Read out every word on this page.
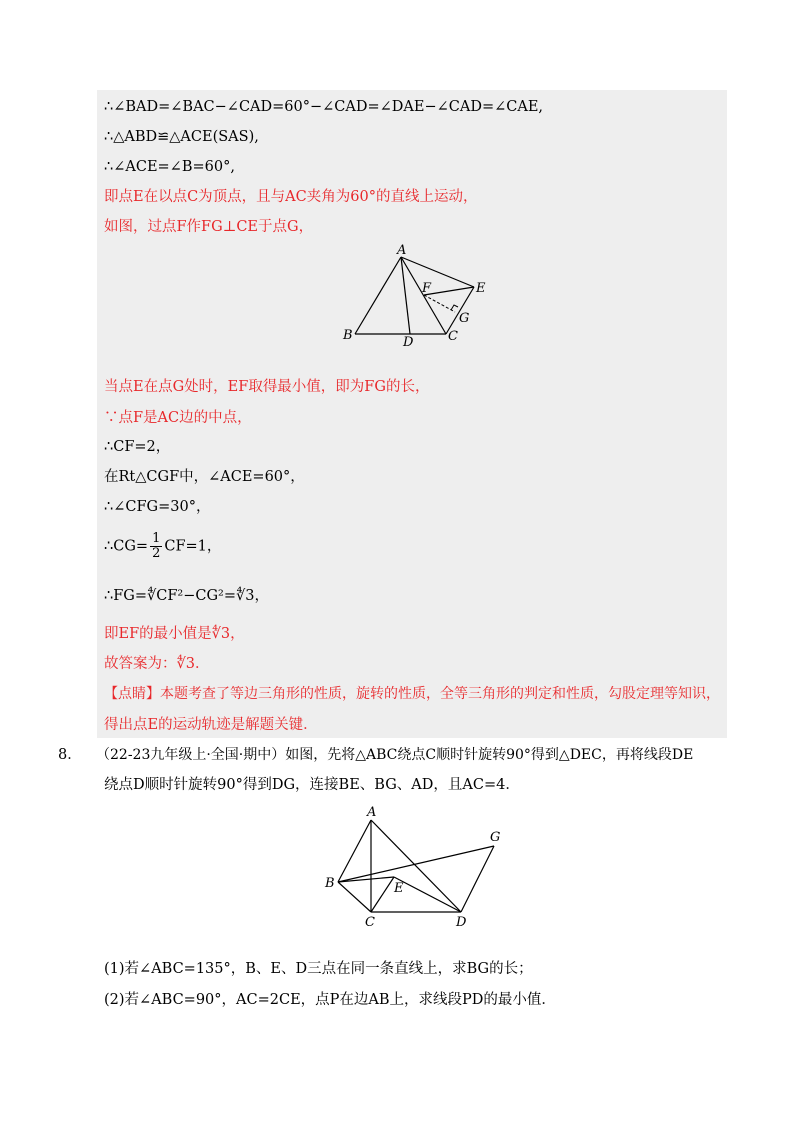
∴∠BAD=∠BAC−∠CAD=60°−∠CAD=∠DAE−∠CAD=∠CAE,
∴△ABD≌△ACE(SAS),
∴∠ACE=∠B=60°,
即点E在以点C为顶点，且与AC夹角为60°的直线上运动，
如图，过点F作FG⊥CE于点G，
A
B	C
D
E
F
G
当点E在点G处时，EF取得最小值，即为FG的长，
∵点F是AC边的中点，
∴CF=2，
在Rt△CGF中，∠ACE=60°，
∴∠CFG=30°，
∴CG= $\frac{1}{2} CF=1$，
∴FG=∜CF²−CG²=∜3，
即EF的最小值是∜3，
故答案为：∜3．
【点睛】本题考查了等边三角形的性质，旋转的性质，全等三角形的判定和性质，勾股定理等知识，
得出点E的运动轨迹是解题关键．
8． （22-23九年级上·全国·期中）如图，先将△ABC绕点C顺时针旋转90°得到△DEC，再将线段DE
绕点D顺时针旋转90°得到DG，连接BE、BG、AD，且AC=4．
A
B
C	D
E
G
(1)若∠ABC=135°，B、E、D三点在同一条直线上，求BG的长；
(2)若∠ABC=90°，AC=2CE，点P在边AB上，求线段PD的最小值．
